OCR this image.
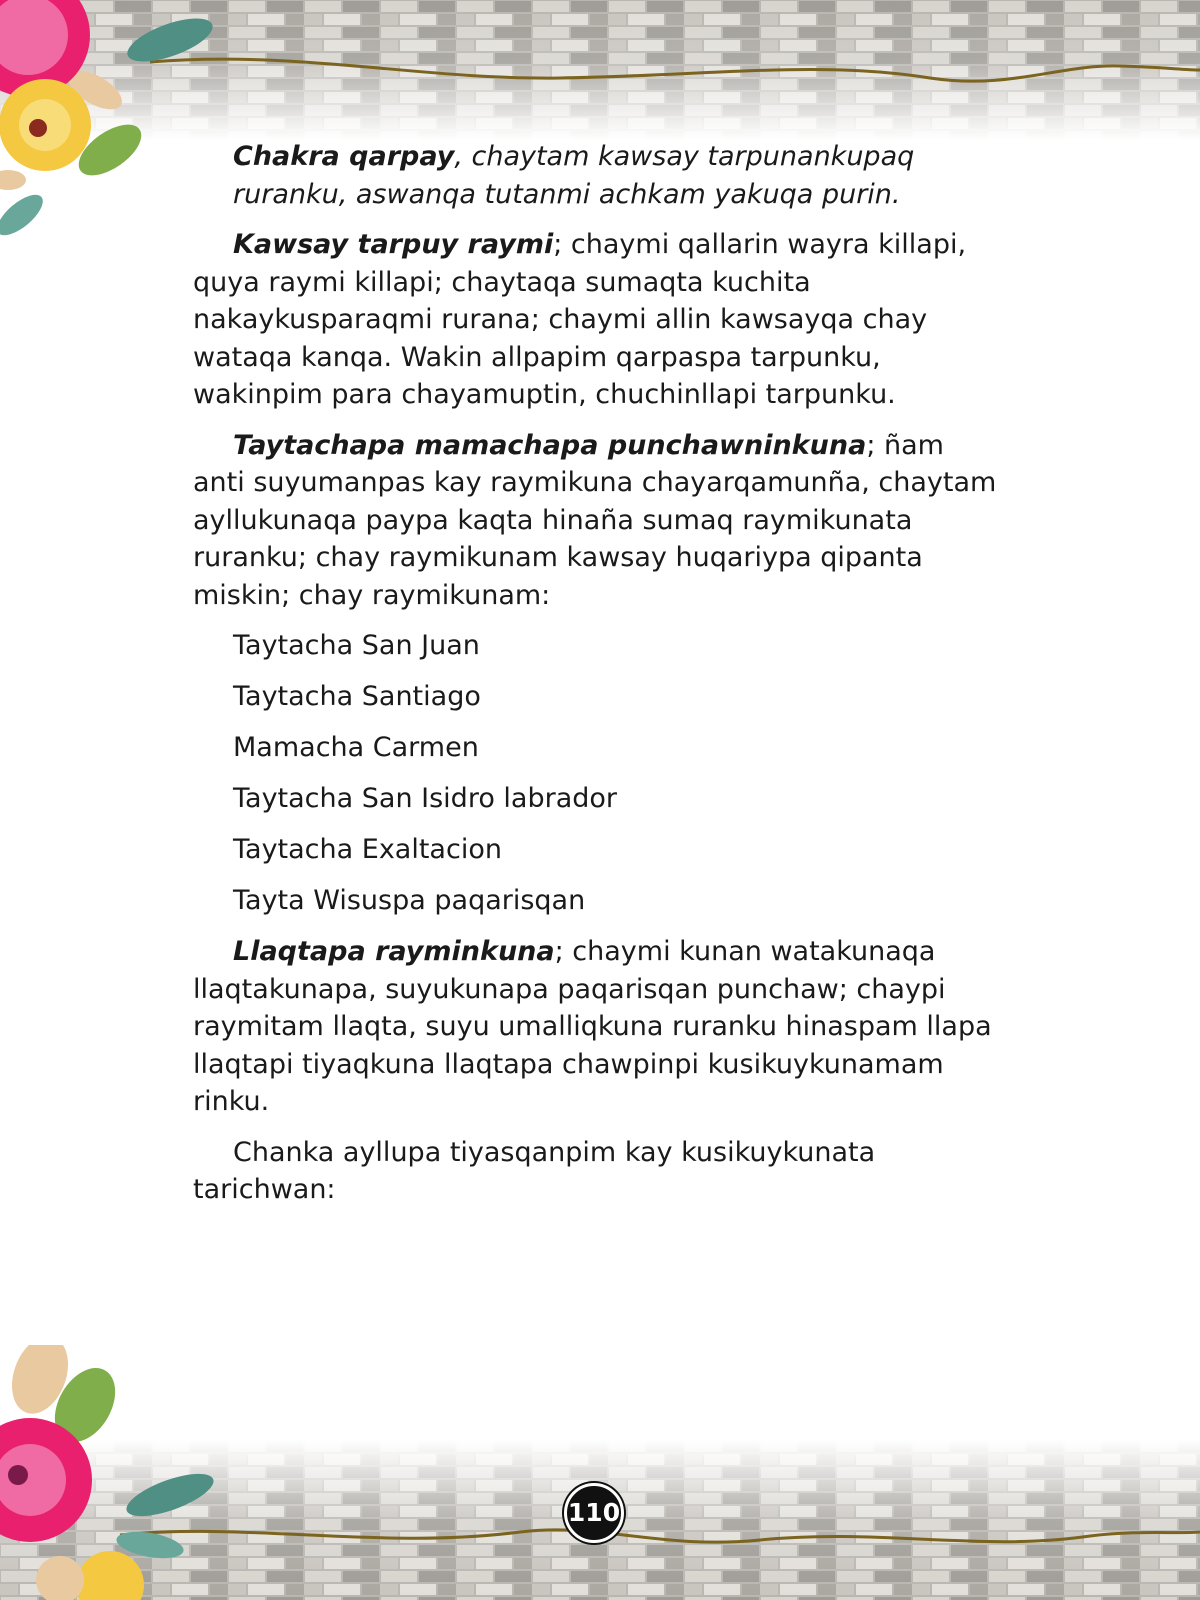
Chakra qarpay, chaytam kawsay tarpunankupaq ruranku, aswanqa tutanmi achkam yakuqa purin.

Kawsay tarpuy raymi; chaymi qallarin wayra killapi, quya raymi killapi; chaytaqa sumaqta kuchita nakaykusparaqmi rurana; chaymi allin kawsayqa chay wataqa kanqa. Wakin allpapim qarpaspa tarpunku, wakinpim para chayamuptin, chuchinllapi tarpunku.

Taytachapa mamachapa punchawninkuna; ñam anti suyumanpas kay raymikuna chayarqamunña, chaytam ayllukunaqa paypa kaqta hinaña sumaq raymikunata ruranku; chay raymikunam kawsay huqariypa qipanta miskin; chay raymikunam:

Taytacha San Juan

Taytacha Santiago

Mamacha Carmen

Taytacha San Isidro labrador

Taytacha Exaltacion

Tayta Wisuspa paqarisqan

Llaqtapa rayminkuna; chaymi kunan watakunaqa llaqtakunapa, suyukunapa paqarisqan punchaw; chaypi raymitam llaqta, suyu umalliqkuna ruranku hinaspam llapa llaqtapi tiyaqkuna llaqtapa chawpinpi kusikuykunamam rinku.

Chanka ayllupa tiyasqanpim kay kusikuykunata tarichwan:

110
